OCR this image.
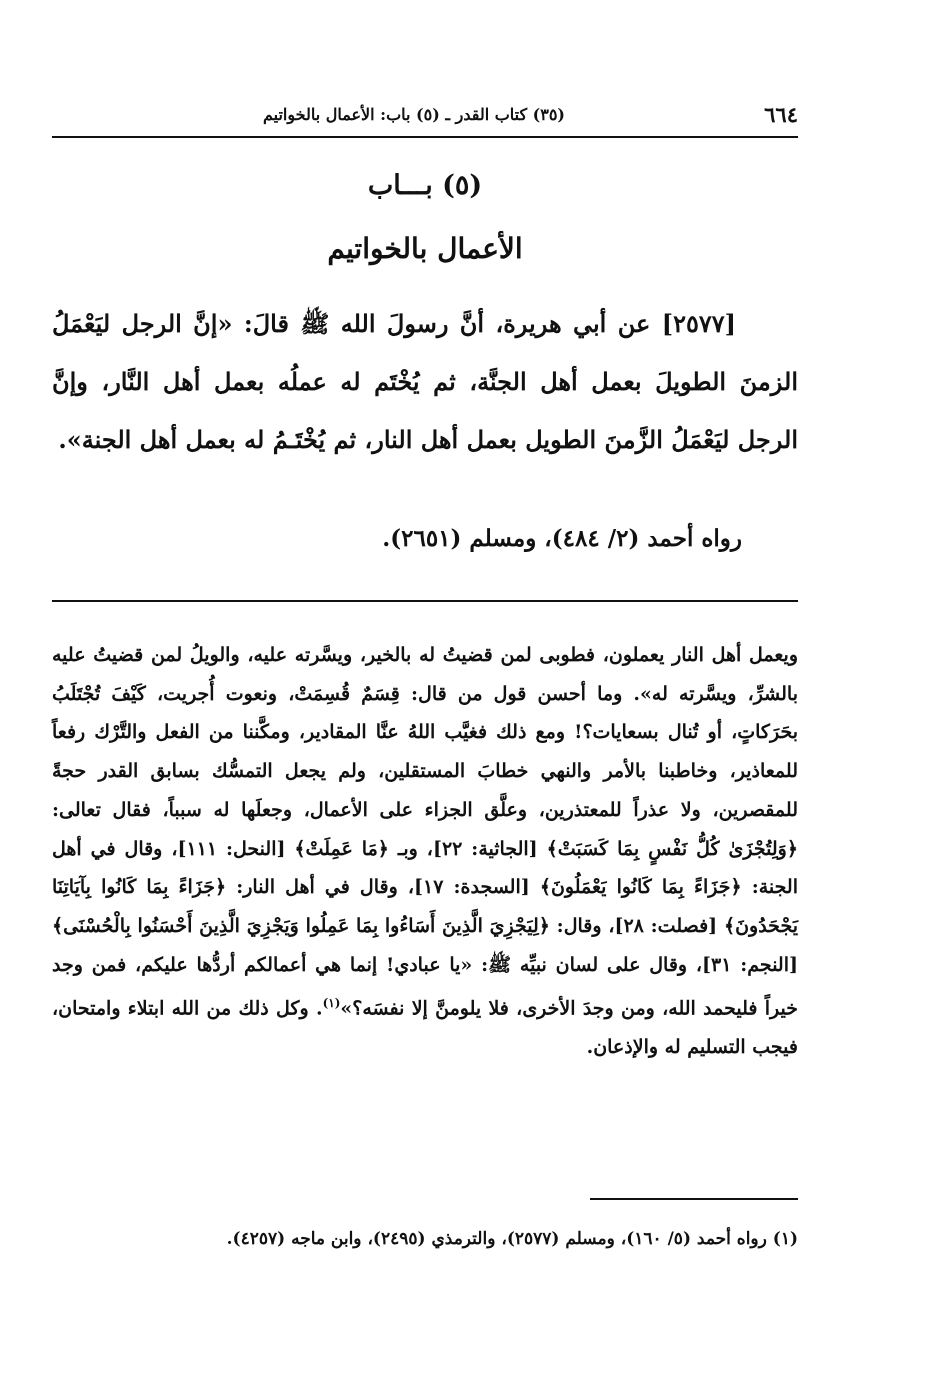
٦٦٤
(٣٥) كتاب القدر ـ (٥) باب: الأعمال بالخواتيم
(٥) بـــاب
الأعمال بالخواتيم
[٢٥٧٧] عن أبي هريرة، أنَّ رسولَ الله ﷺ قالَ: «إنَّ الرجل ليَعْمَلُ الزمنَ الطويلَ بعمل أهل الجنَّة، ثم يُخْتَم له عملُه بعمل أهل النَّار، وإنَّ الرجل ليَعْمَلُ الزَّمنَ الطويل بعمل أهل النار، ثم يُخْتَـمُ له بعمل أهل الجنة».
رواه أحمد (٢/ ٤٨٤)، ومسلم (٢٦٥١).
ويعمل أهل النار يعملون، فطوبى لمن قضيتُ له بالخير، ويسَّرته عليه، والويلُ لمن قضيتُ عليه بالشرِّ، ويسَّرته له». وما أحسن قول من قال: قِسَمٌ قُسِمَتْ، ونعوت أُجريت، كَيْفَ تُجْتَلَبُ بحَرَكاتٍ، أو تُنال بسعايات؟! ومع ذلك فغيَّب اللهُ عنَّا المقادير، ومكَّننا من الفعل والتَّرْك رفعاً للمعاذير، وخاطبنا بالأمر والنهي خطابَ المستقلين، ولم يجعل التمسُّك بسابق القدر حجةً للمقصرين، ولا عذراً للمعتذرين، وعلَّق الجزاء على الأعمال، وجعلَها له سبباً، فقال تعالى: ﴿وَلِتُجْزَىٰ كُلُّ نَفْسٍ بِمَا كَسَبَتْ﴾ [الجاثية: ٢٢]، وبـ ﴿مَا عَمِلَتْ﴾ [النحل: ١١١]، وقال في أهل الجنة: ﴿جَزَاءً بِمَا كَانُوا يَعْمَلُونَ﴾ [السجدة: ١٧]، وقال في أهل النار: ﴿جَزَاءً بِمَا كَانُوا بِآيَاتِنَا يَجْحَدُونَ﴾ [فصلت: ٢٨]، وقال: ﴿لِيَجْزِيَ الَّذِينَ أَسَاءُوا بِمَا عَمِلُوا وَيَجْزِيَ الَّذِينَ أَحْسَنُوا بِالْحُسْنَى﴾ [النجم: ٣١]، وقال على لسان نبيِّه ﷺ: «يا عبادي! إنما هي أعمالكم أردُّها عليكم، فمن وجد خيراً فليحمد الله، ومن وجدَ الأخرى، فلا يلومنَّ إلا نفسَه؟»$^{(١)}$. وكل ذلك من الله ابتلاء وامتحان، فيجب التسليم له والإذعان.
(١) رواه أحمد (٥/ ١٦٠)، ومسلم (٢٥٧٧)، والترمذي (٢٤٩٥)، وابن ماجه (٤٢٥٧).
